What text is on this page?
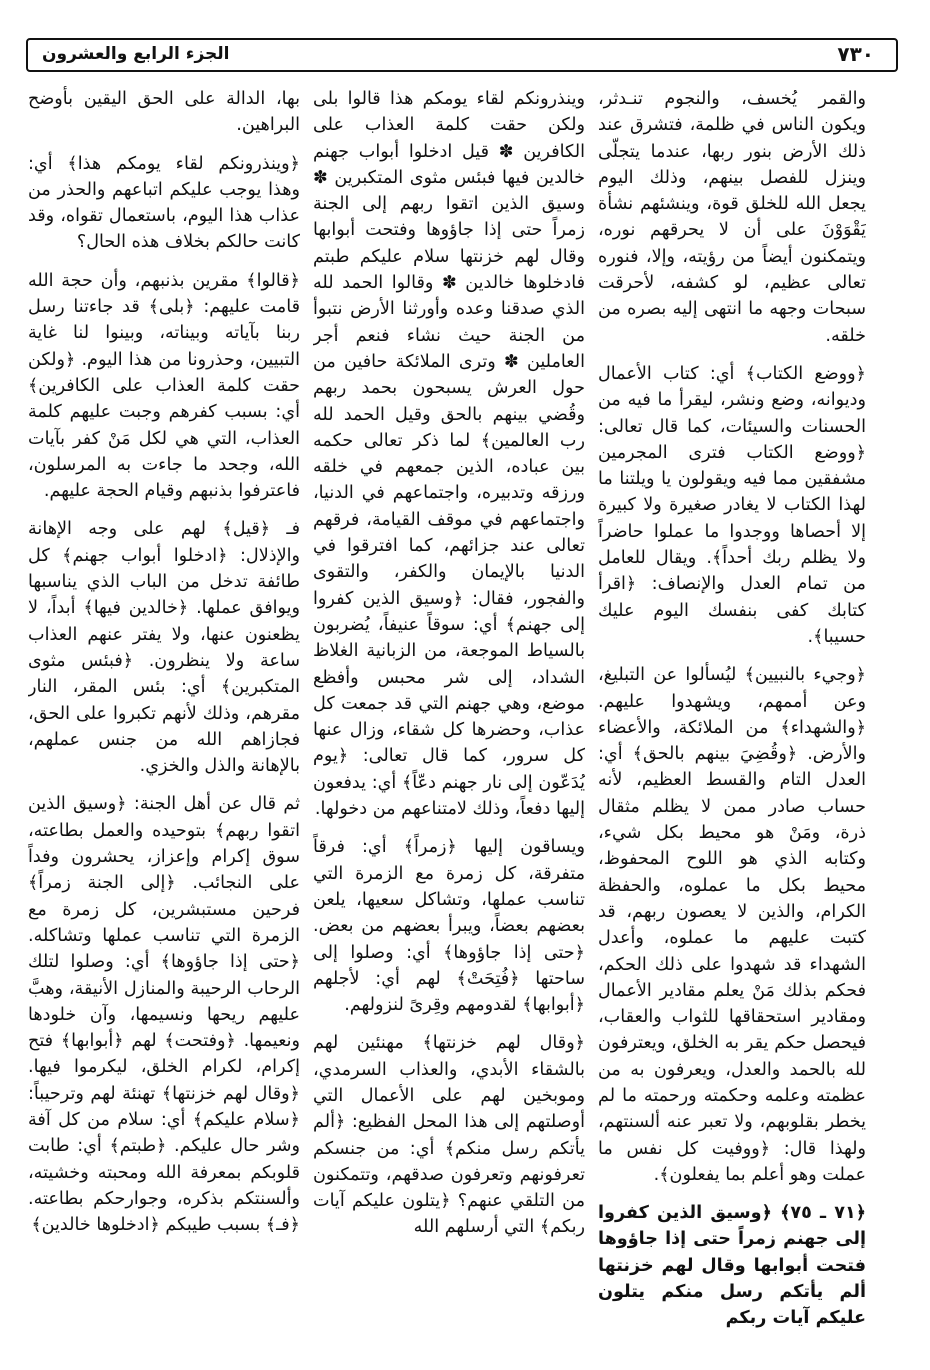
٧٣٠
الجزء الرابع والعشرون

والقمر يُخسف، والنجوم تنـدثر، ويكون الناس في ظلمة، فتشرق عند ذلك الأرض بنور ربها، عندما يتجلّى وينزل للفصل بينهم، وذلك اليوم يجعل الله للخلق قوة، وينشئهم نشأة يَقْوَوْنَ على أن لا يحرقهم نوره، ويتمكنون أيضاً من رؤيته، وإلا، فنوره تعالى عظيم، لو كشفه، لأحرقت سبحات وجهه ما انتهى إليه بصره من خلقه.

﴿ووضع الكتاب﴾ أي: كتاب الأعمال وديوانه، وضع ونشر، ليقرأ ما فيه من الحسنات والسيئات، كما قال تعالى: ﴿ووضع الكتاب فترى المجرمين مشفقين مما فيه ويقولون يا ويلتنا ما لهذا الكتاب لا يغادر صغيرة ولا كبيرة إلا أحصاها ووجدوا ما عملوا حاضراً ولا يظلم ربك أحداً﴾. ويقال للعامل من تمام العدل والإنصاف: ﴿اقرأ كتابك كفى بنفسك اليوم عليك حسيبا﴾.

﴿وجيء بالنبيين﴾ ليُسألوا عن التبليغ، وعن أممهم، ويشهدوا عليهم. ﴿والشهداء﴾ من الملائكة، والأعضاء والأرض. ﴿وقُضِيَ بينهم بالحق﴾ أي: العدل التام والقسط العظيم، لأنه حساب صادر ممن لا يظلم مثقال ذرة، ومَنْ هو محيط بكل شيء، وكتابه الذي هو اللوح المحفوظ، محيط بكل ما عملوه، والحفظة الكرام، والذين لا يعصون ربهم، قد كتبت عليهم ما عملوه، وأعدل الشهداء قد شهدوا على ذلك الحكم، فحكم بذلك مَنْ يعلم مقادير الأعمال ومقادير استحقاقها للثواب والعقاب، فيحصل حكم يقر به الخلق، ويعترفون لله بالحمد والعدل، ويعرفون به من عظمته وعلمه وحكمته ورحمته ما لم يخطر بقلوبهم، ولا تعبر عنه ألسنتهم، ولهذا قال: ﴿ووفيت كل نفس ما عملت وهو أعلم بما يفعلون﴾.

﴿٧١ ـ ٧٥﴾ ﴿وسيق الذين كفروا إلى جهنم زمراً حتى إذا جاؤوها فتحت أبوابها وقال لهم خزنتها ألم يأتكم رسل منكم يتلون عليكم آيات ربكم

وينذرونكم لقاء يومكم هذا قالوا بلى ولكن حقت كلمة العذاب على الكافرين ✽ قيل ادخلوا أبواب جهنم خالدين فيها فبئس مثوى المتكبرين ✽ وسيق الذين اتقوا ربهم إلى الجنة زمراً حتى إذا جاؤوها وفتحت أبوابها وقال لهم خزنتها سلام عليكم طبتم فادخلوها خالدين ✽ وقالوا الحمد لله الذي صدقنا وعده وأورثنا الأرض نتبوأ من الجنة حيث نشاء فنعم أجر العاملين ✽ وترى الملائكة حافين من حول العرش يسبحون بحمد ربهم وقُضي بينهم بالحق وقيل الحمد لله رب العالمين﴾ لما ذكر تعالى حكمه بين عباده، الذين جمعهم في خلقه ورزقه وتدبيره، واجتماعهم في الدنيا، واجتماعهم في موقف القيامة، فرقهم تعالى عند جزائهم، كما افترقوا في الدنيا بالإيمان والكفر، والتقوى والفجور، فقال: ﴿وسيق الذين كفروا إلى جهنم﴾ أي: سوقاً عنيفاً، يُضربون بالسياط الموجعة، من الزبانية الغلاظ الشداد، إلى شر محبس وأفظع موضع، وهي جهنم التي قد جمعت كل عذاب، وحضرها كل شقاء، وزال عنها كل سرور، كما قال تعالى: ﴿يوم يُدَعّون إلى نار جهنم دعّاً﴾ أي: يدفعون إليها دفعاً، وذلك لامتناعهم من دخولها.

ويساقون إليها ﴿زمراً﴾ أي: فرقاً متفرقة، كل زمرة مع الزمرة التي تناسب عملها، وتشاكل سعيها، يلعن بعضهم بعضاً، ويبرأ بعضهم من بعض. ﴿حتى إذا جاؤوها﴾ أي: وصلوا إلى ساحتها ﴿فُتِحَتْ﴾ لهم أي: لأجلهم ﴿أبوابها﴾ لقدومهم وقِرىً لنزولهم.

﴿وقال لهم خزنتها﴾ مهنئين لهم بالشقاء الأبدي، والعذاب السرمدي، وموبخين لهم على الأعمال التي أوصلتهم إلى هذا المحل الفظيع: ﴿ألم يأتكم رسل منكم﴾ أي: من جنسكم تعرفونهم وتعرفون صدقهم، وتتمكنون من التلقي عنهم؟ ﴿يتلون عليكم آيات ربكم﴾ التي أرسلهم الله

بها، الدالة على الحق اليقين بأوضح البراهين.

﴿وينذرونكم لقاء يومكم هذا﴾ أي: وهذا يوجب عليكم اتباعهم والحذر من عذاب هذا اليوم، باستعمال تقواه، وقد كانت حالكم بخلاف هذه الحال؟

﴿قالوا﴾ مقرين بذنبهم، وأن حجة الله قامت عليهم: ﴿بلى﴾ قد جاءتنا رسل ربنا بآياته وبيناته، وبينوا لنا غاية التبيين، وحذرونا من هذا اليوم. ﴿ولكن حقت كلمة العذاب على الكافرين﴾ أي: بسبب كفرهم وجبت عليهم كلمة العذاب، التي هي لكل مَنْ كفر بآيات الله، وجحد ما جاءت به المرسلون، فاعترفوا بذنبهم وقيام الحجة عليهم.

فـ ﴿قيل﴾ لهم على وجه الإهانة والإذلال: ﴿ادخلوا أبواب جهنم﴾ كل طائفة تدخل من الباب الذي يناسبها ويوافق عملها. ﴿خالدين فيها﴾ أبداً، لا يظعنون عنها، ولا يفتر عنهم العذاب ساعة ولا ينظرون. ﴿فبئس مثوى المتكبرين﴾ أي: بئس المقر، النار مقرهم، وذلك لأنهم تكبروا على الحق، فجازاهم الله من جنس عملهم، بالإهانة والذل والخزي.

ثم قال عن أهل الجنة: ﴿وسيق الذين اتقوا ربهم﴾ بتوحيده والعمل بطاعته، سوق إكرام وإعزاز، يحشرون وفداً على النجائب. ﴿إلى الجنة زمراً﴾ فرحين مستبشرين، كل زمرة مع الزمرة التي تناسب عملها وتشاكله. ﴿حتى إذا جاؤوها﴾ أي: وصلوا لتلك الرحاب الرحيبة والمنازل الأنيقة، وهبَّ عليهم ريحها ونسيمها، وآن خلودها ونعيمها. ﴿وفتحت﴾ لهم ﴿أبوابها﴾ فتح إكرام، لكرام الخلق، ليكرموا فيها. ﴿وقال لهم خزنتها﴾ تهنئة لهم وترحيباً: ﴿سلام عليكم﴾ أي: سلام من كل آفة وشر حال عليكم. ﴿طبتم﴾ أي: طابت قلوبكم بمعرفة الله ومحبته وخشيته، وألسنتكم بذكره، وجوارحكم بطاعته. ﴿فـ﴾ بسبب طيبكم ﴿ادخلوها خالدين﴾
